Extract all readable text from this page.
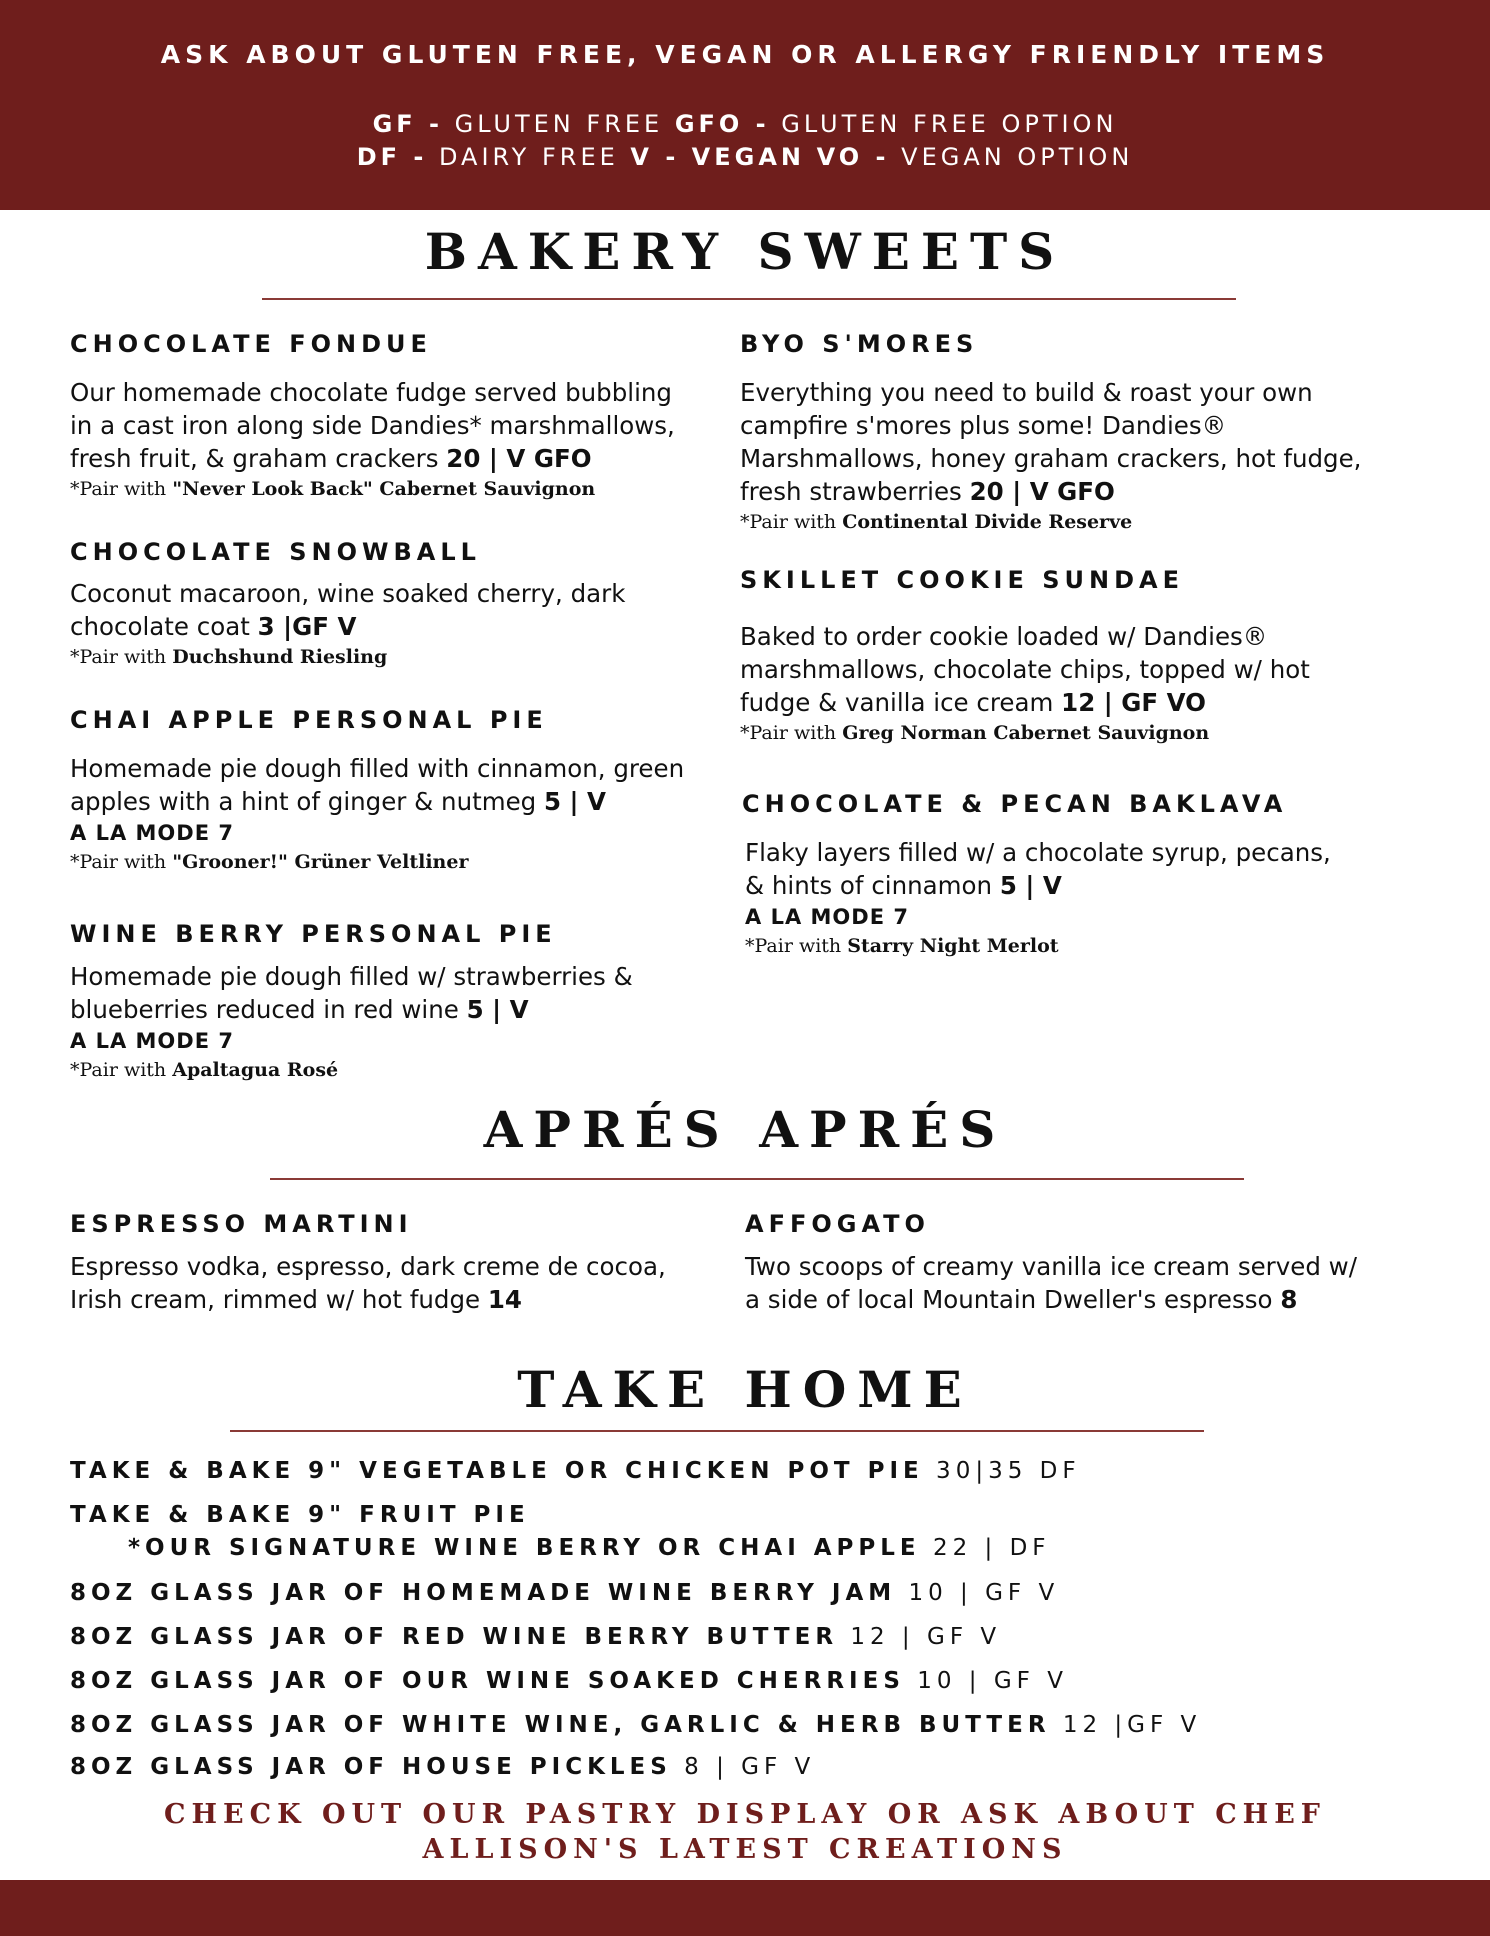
ASK ABOUT GLUTEN FREE, VEGAN OR ALLERGY FRIENDLY ITEMS
GF - GLUTEN FREE GFO - GLUTEN FREE OPTION
DF - DAIRY FREE V - VEGAN VO - VEGAN OPTION
BAKERY SWEETS
CHOCOLATE FONDUE
Our homemade chocolate fudge served bubbling
in a cast iron along side Dandies* marshmallows,
fresh fruit, & graham crackers 20 | V GFO
*Pair with "Never Look Back" Cabernet Sauvignon
CHOCOLATE SNOWBALL
Coconut macaroon, wine soaked cherry, dark
chocolate coat 3 |GF V
*Pair with Duchshund Riesling
CHAI APPLE PERSONAL PIE
Homemade pie dough filled with cinnamon, green
apples with a hint of ginger & nutmeg 5 | V
A LA MODE 7
*Pair with "Grooner!" Grüner Veltliner
WINE BERRY PERSONAL PIE
Homemade pie dough filled w/ strawberries &
blueberries reduced in red wine 5 | V
A LA MODE 7
*Pair with Apaltagua Rosé
BYO S'MORES
Everything you need to build & roast your own
campfire s'mores plus some! Dandies®
Marshmallows, honey graham crackers, hot fudge,
fresh strawberries 20 | V GFO
*Pair with Continental Divide Reserve
SKILLET COOKIE SUNDAE
Baked to order cookie loaded w/ Dandies®
marshmallows, chocolate chips, topped w/ hot
fudge & vanilla ice cream 12 | GF VO
*Pair with Greg Norman Cabernet Sauvignon
CHOCOLATE & PECAN BAKLAVA
Flaky layers filled w/ a chocolate syrup, pecans,
& hints of cinnamon 5 | V
A LA MODE 7
*Pair with Starry Night Merlot
APRÉS APRÉS
ESPRESSO MARTINI
Espresso vodka, espresso, dark creme de cocoa,
Irish cream, rimmed w/ hot fudge 14
AFFOGATO
Two scoops of creamy vanilla ice cream served w/
a side of local Mountain Dweller's espresso 8
TAKE HOME
TAKE & BAKE 9" VEGETABLE OR CHICKEN POT PIE 30|35 DF
TAKE & BAKE 9" FRUIT PIE
*OUR SIGNATURE WINE BERRY OR CHAI APPLE 22 | DF
8OZ GLASS JAR OF HOMEMADE WINE BERRY JAM 10 | GF V
8OZ GLASS JAR OF RED WINE BERRY BUTTER 12 | GF V
8OZ GLASS JAR OF OUR WINE SOAKED CHERRIES 10 | GF V
8OZ GLASS JAR OF WHITE WINE, GARLIC & HERB BUTTER 12 |GF V
8OZ GLASS JAR OF HOUSE PICKLES 8 | GF V
CHECK OUT OUR PASTRY DISPLAY OR ASK ABOUT CHEF
ALLISON'S LATEST CREATIONS
